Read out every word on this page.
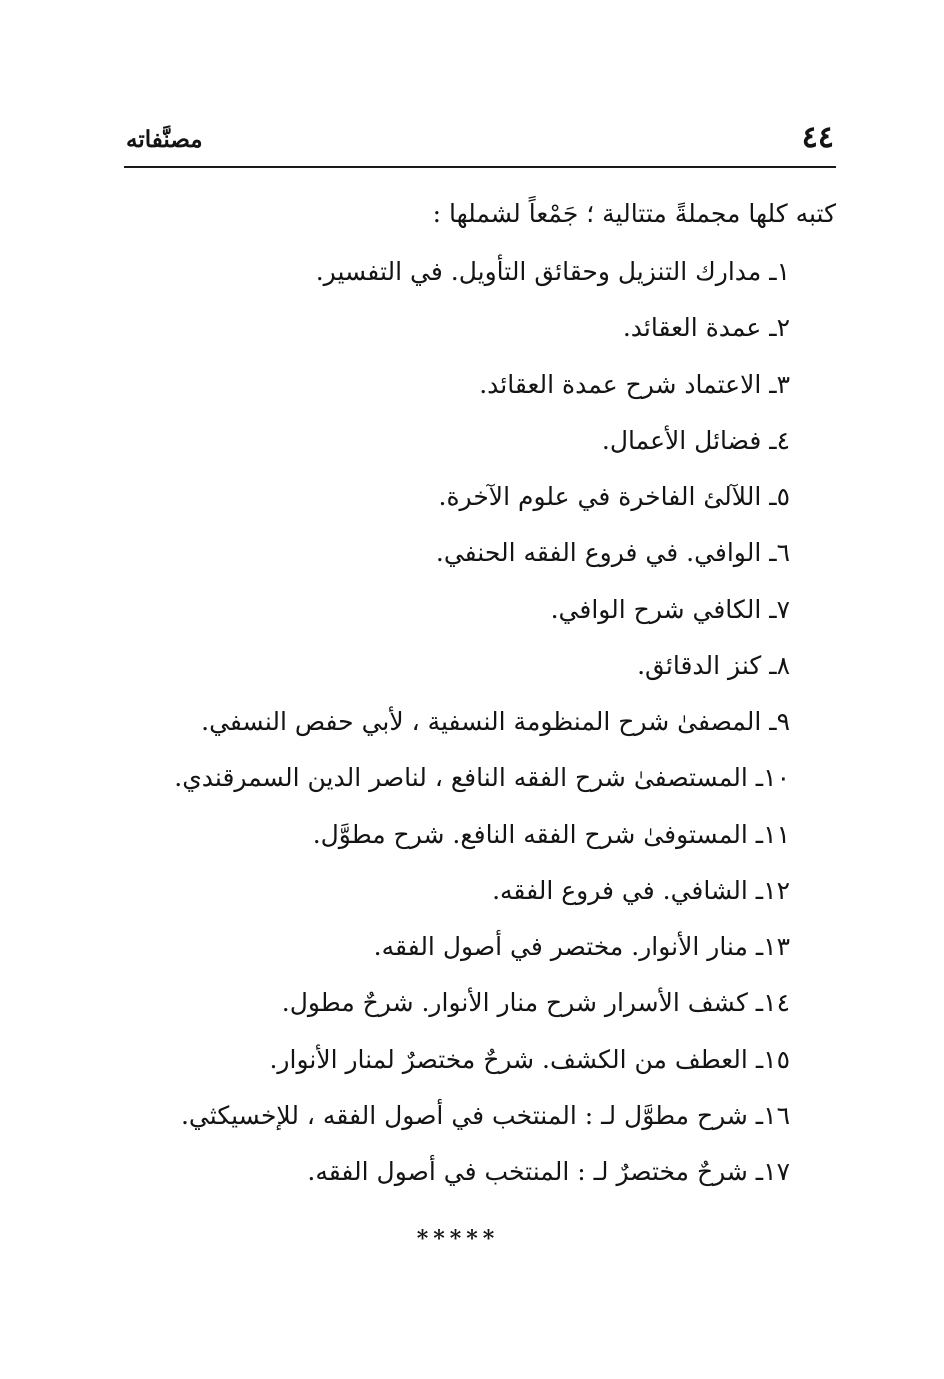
٤٤
مصنَّفاته

كتبه كلها مجملةً متتالية ؛ جَمْعاً لشملها :

١ـ مدارك التنزيل وحقائق التأويل. في التفسير.
٢ـ عمدة العقائد.
٣ـ الاعتماد شرح عمدة العقائد.
٤ـ فضائل الأعمال.
٥ـ اللآلئ الفاخرة في علوم الآخرة.
٦ـ الوافي. في فروع الفقه الحنفي.
٧ـ الكافي شرح الوافي.
٨ـ كنز الدقائق.
٩ـ المصفىٰ شرح المنظومة النسفية ، لأبي حفص النسفي.
١٠ـ المستصفىٰ شرح الفقه النافع ، لناصر الدين السمرقندي.
١١ـ المستوفىٰ شرح الفقه النافع. شرح مطوَّل.
١٢ـ الشافي. في فروع الفقه.
١٣ـ منار الأنوار. مختصر في أصول الفقه.
١٤ـ كشف الأسرار شرح منار الأنوار. شرحٌ مطول.
١٥ـ العطف من الكشف. شرحٌ مختصرٌ لمنار الأنوار.
١٦ـ شرح مطوَّل لـ : المنتخب في أصول الفقه ، للإخسيكثي.
١٧ـ شرحٌ مختصرٌ لـ : المنتخب في أصول الفقه.
*****
